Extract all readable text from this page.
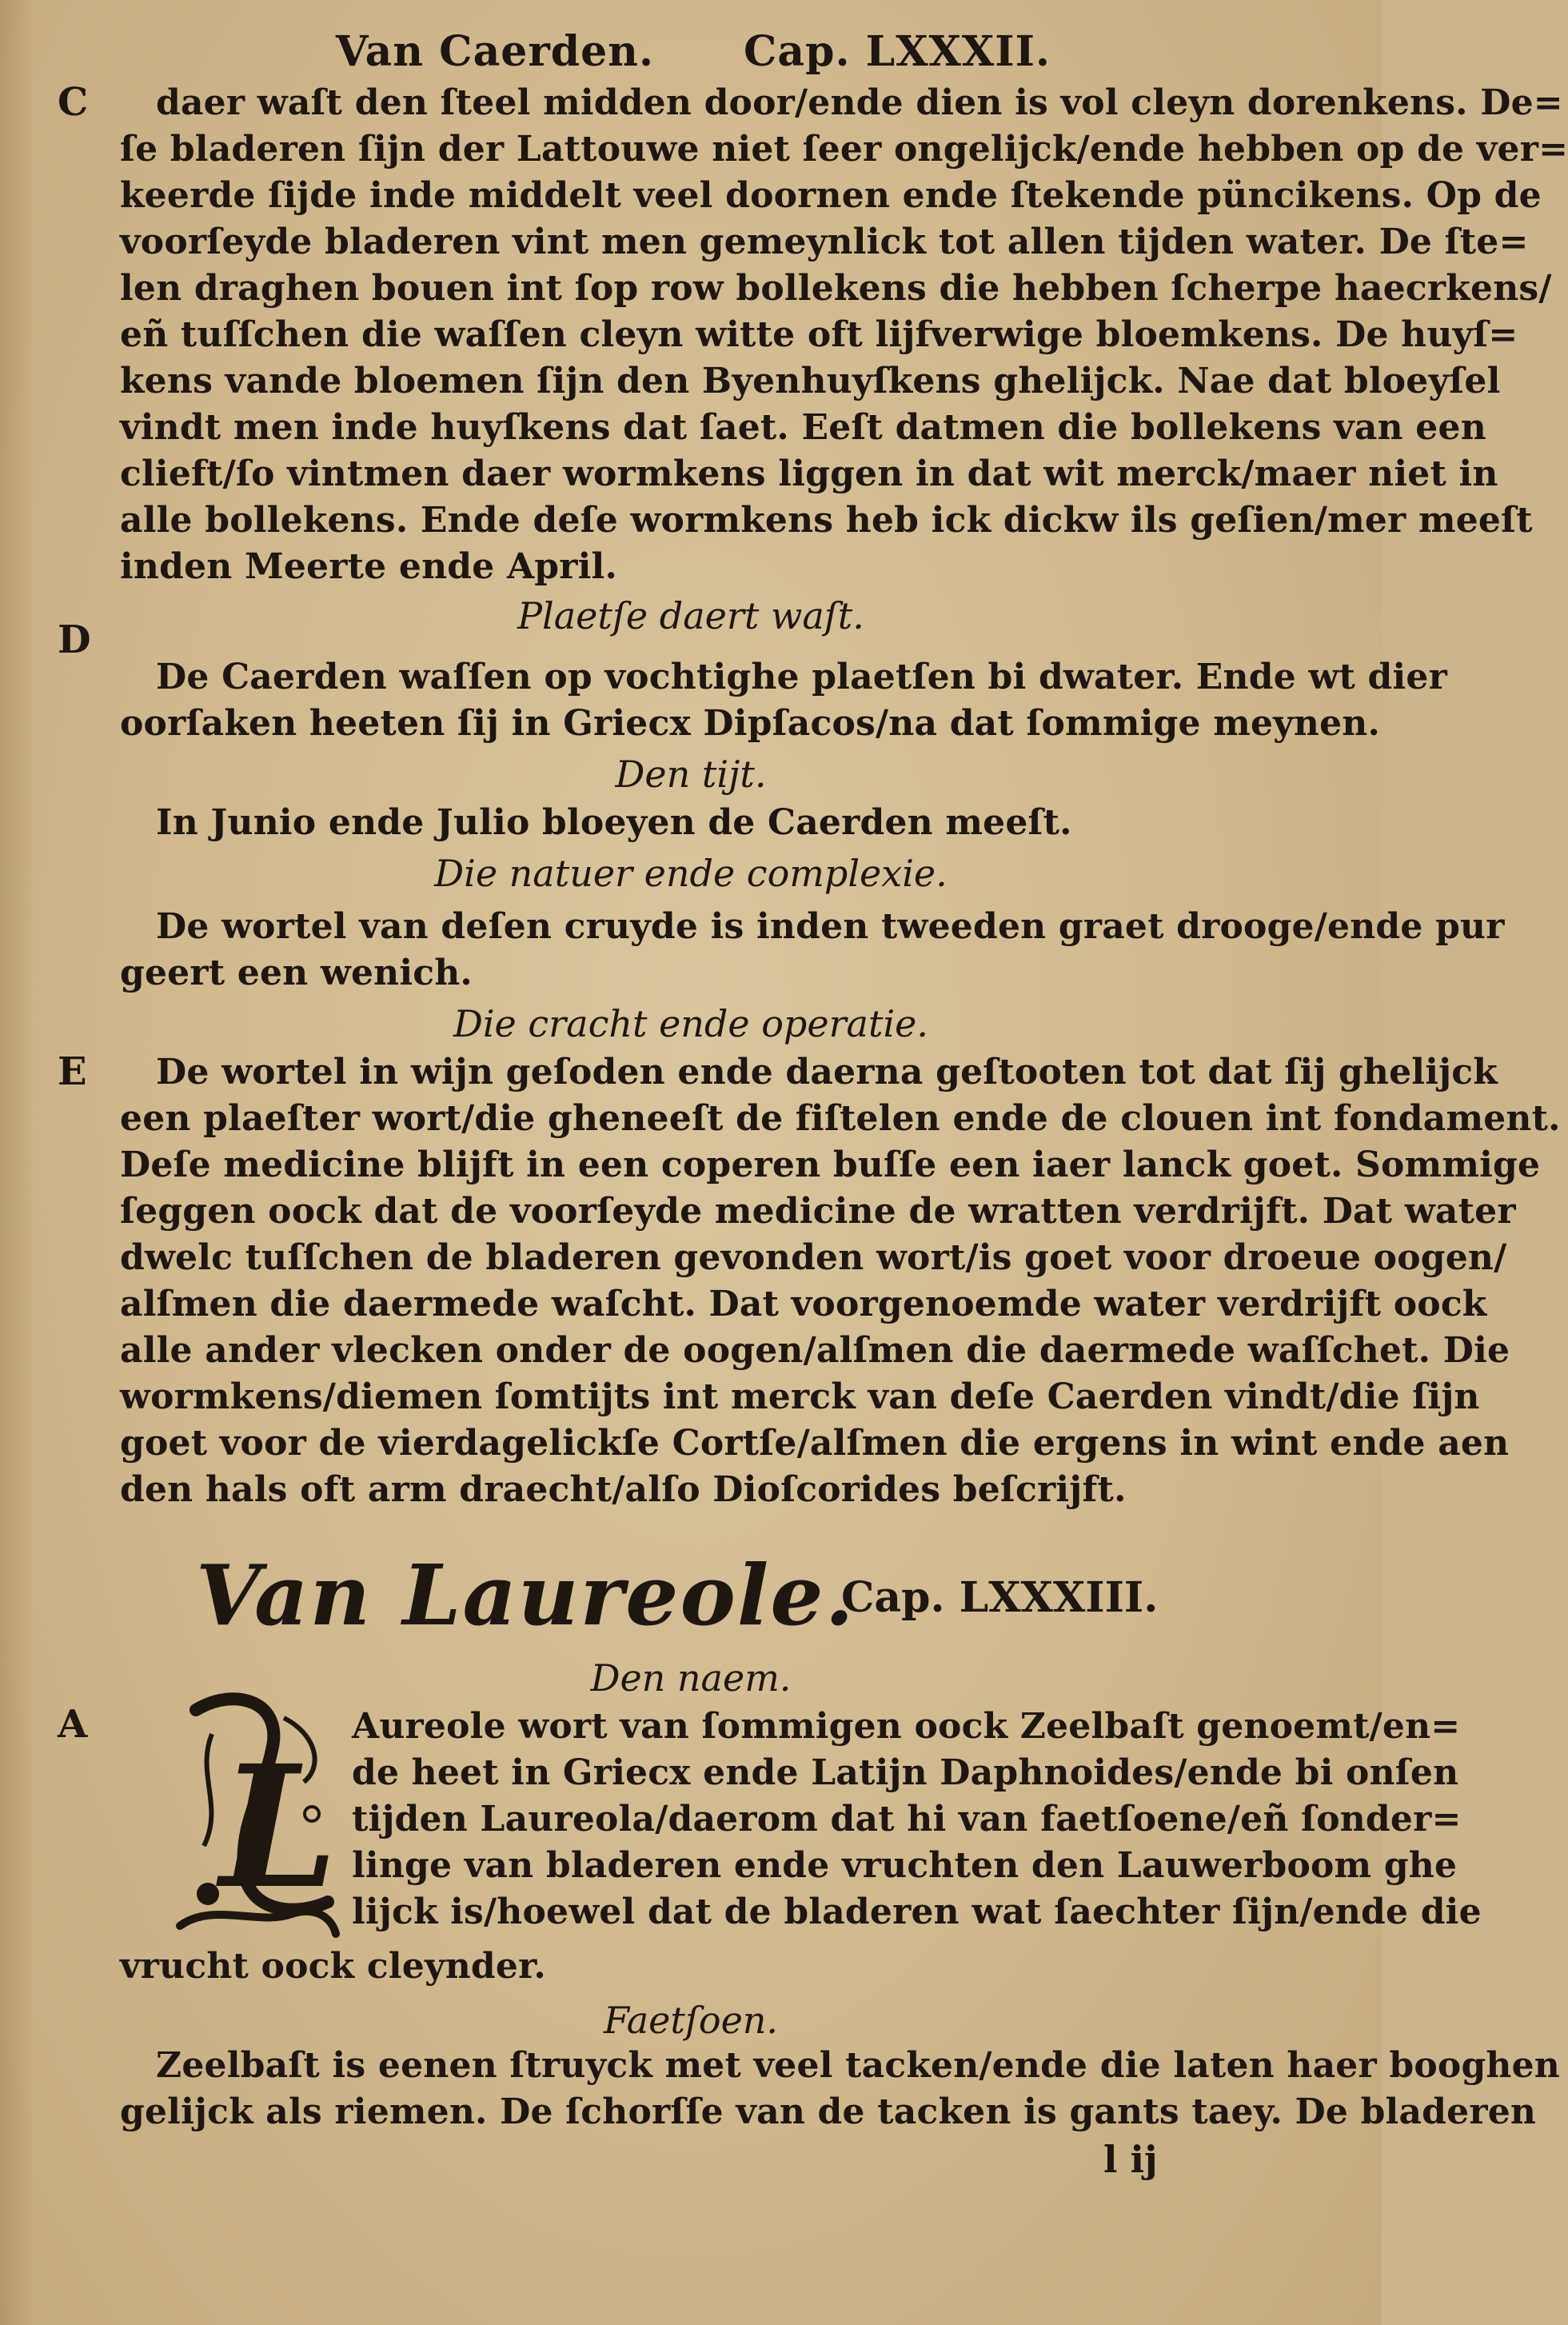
Van Caerden. Cap. LXXXII.
C daer waſt den ſteel midden door/ende dien is vol cleyn dorenkens. De=
ſe bladeren ſijn der Lattouwe niet ſeer ongelijck/ende hebben op de ver=
keerde ſijde inde middelt veel doornen ende ſtekende püncikens. Op de
voorſeyde bladeren vint men gemeynlick tot allen tijden water. De ſte=
len draghen bouen int ſop row bollekens die hebben ſcherpe haecrkens/
eñ tuſſchen die waſſen cleyn witte oft lijfverwige bloemkens. De huyſ=
kens vande bloemen ſijn den Byenhuyſkens ghelijck. Nae dat bloeyſel
vindt men inde huyſkens dat ſaet. Eeſt datmen die bollekens van een
clieft/ſo vintmen daer wormkens liggen in dat wit merck/maer niet in
alle bollekens. Ende deſe wormkens heb ick dickw ils geſien/mer meeſt
inden Meerte ende April.
Plaetſe daert waſt.
D
De Caerden waſſen op vochtighe plaetſen bi dwater. Ende wt dier
oorſaken heeten ſij in Griecx Dipſacos/na dat ſommige meynen.
Den tijt.
In Junio ende Julio bloeyen de Caerden meeſt.
Die natuer ende complexie.
De wortel van deſen cruyde is inden tweeden graet drooge/ende pur
geert een wenich.
Die cracht ende operatie.
E De wortel in wijn geſoden ende daerna geſtooten tot dat ſij ghelijck
een plaeſter wort/die gheneeſt de fiſtelen ende de clouen int fondament.
Deſe medicine blijft in een coperen buſſe een iaer lanck goet. Sommige
ſeggen oock dat de voorſeyde medicine de wratten verdrijft. Dat water
dwelc tuſſchen de bladeren gevonden wort/is goet voor droeue oogen/
alſmen die daermede waſcht. Dat voorgenoemde water verdrijft oock
alle ander vlecken onder de oogen/alſmen die daermede waſſchet. Die
wormkens/diemen ſomtijts int merck van deſe Caerden vindt/die ſijn
goet voor de vierdagelickſe Cortſe/alſmen die ergens in wint ende aen
den hals oft arm draecht/alſo Dioſcorides beſcrijft.
Van Laureole.
Cap. LXXXIII.
Den naem.
A
L
Aureole wort van ſommigen oock Zeelbaſt genoemt/en=
de heet in Griecx ende Latijn Daphnoides/ende bi onſen
tijden Laureola/daerom dat hi van faetſoene/eñ ſonder=
linge van bladeren ende vruchten den Lauwerboom ghe
lijck is/hoewel dat de bladeren wat ſaechter ſijn/ende die
vrucht oock cleynder.
Faetſoen.
Zeelbaſt is eenen ſtruyck met veel tacken/ende die laten haer booghen
gelijck als riemen. De ſchorſſe van de tacken is gants taey. De bladeren
l ij
